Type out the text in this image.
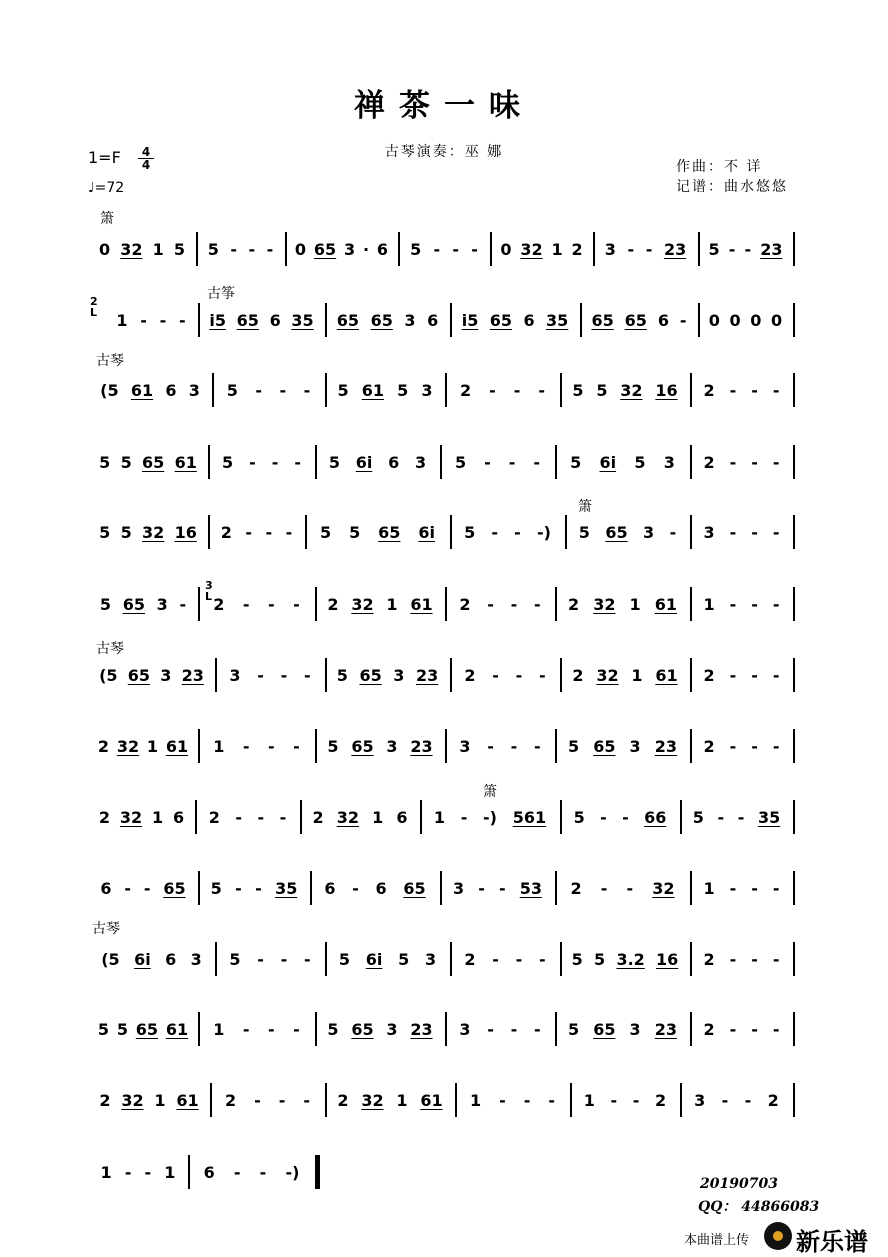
禅茶一味
古琴演奏：巫 娜
作曲：不 详
记谱：曲水悠悠
1=F	4
4
♩=72
箫
古筝
古琴
箫
古琴
箫
古琴
2
L
3
L
0 32 1 5 5 - - - 0 65 3 · 6 5 - - - 0 32 1 2 3 - - 23 5 - - 23
1 - - - i5 65 6 35 65 65 3 6 i5 65 6 35 65 65 6 - 0 0 0 0
(5 61 6 3 5 - - - 5 61 5 3 2 - - - 5 5 32 16 2 - - -
5 5 65 61 5 - - - 5 6i 6 3 5 - - - 5 6i 5 3 2 - - -
5 5 32 16 2 - - - 5 5 65 6i 5 - - -) 5 65 3 - 3 - - -
5 65 3 - 2 - - - 2 32 1 61 2 - - - 2 32 1 61 1 - - -
(5 65 3 23 3 - - - 5 65 3 23 2 - - - 2 32 1 61 2 - - -
2 32 1 61 1 - - - 5 65 3 23 3 - - - 5 65 3 23 2 - - -
2 32 1 6 2 - - - 2 32 1 6 1 - -) 561 5 - - 66 5 - - 35
6 - - 65 5 - - 35 6 - 6 65 3 - - 53 2 - - 32 1 - - -
(5 6i 6 3 5 - - - 5 6i 5 3 2 - - - 5 5 3.2 16 2 - - -
5 5 65 61 1 - - - 5 65 3 23 3 - - - 5 65 3 23 2 - - -
2 32 1 61 2 - - - 2 32 1 61 1 - - - 1 - - 2 3 - - 2
1 - - 1 6 - - -)
20190703
QQ： 44866083
本曲谱上传 新乐谱
